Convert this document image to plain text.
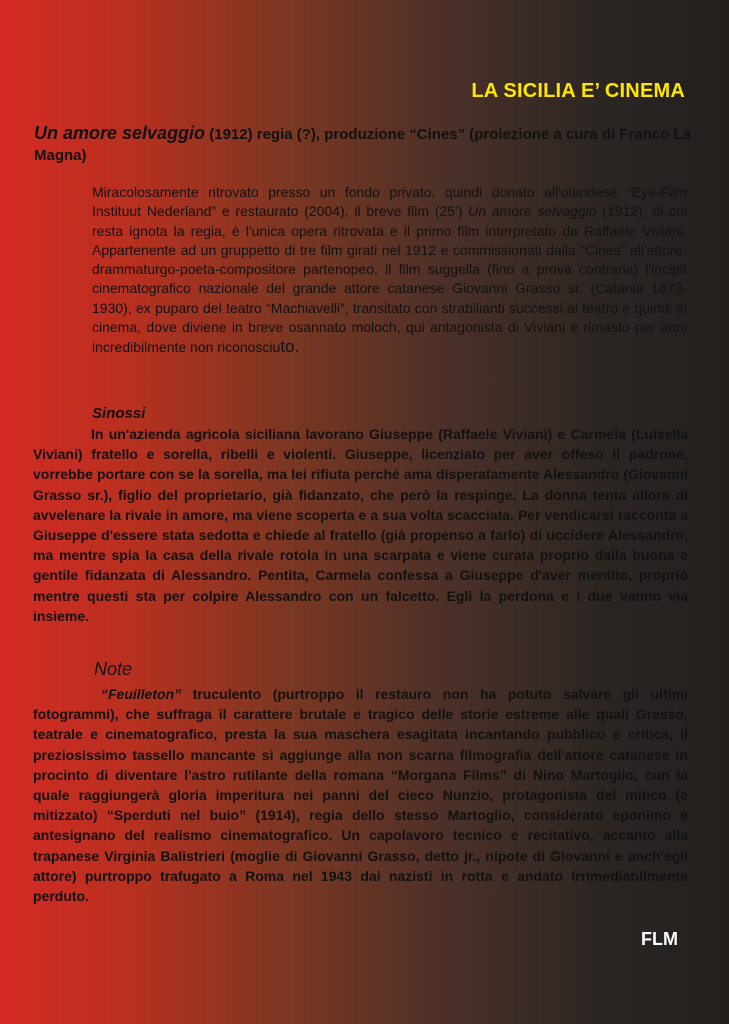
LA SICILIA E’ CINEMA
Un amore selvaggio (1912) regia (?), produzione “Cines” (proiezione a cura di Franco La Magna)
Miracolosamente ritrovato presso un fondo privato, quindi donato all'olandese “Eye-Film Instituut Nederland” e restaurato (2004), il breve film (25') Un amore selvaggio (1912), di cui resta ignota la regia, è l'unica opera ritrovata e il primo film interpretato da Raffaele Viviani. Appartenente ad un gruppetto di tre film girati nel 1912 e commissionati dalla “Cines” all'attore-drammaturgo-poeta-compositore partenopeo, il film suggella (fino a prova contraria) l'incipit cinematografico nazionale del grande attore catanese Giovanni Grasso sr. (Catania 1873-1930), ex puparo del teatro “Machiavelli”, transitato con strabilianti successi al teatro e quindi al cinema, dove diviene in breve osannato moloch, qui antagonista di Viviani e rimasto per anni incredibilmente non riconosciuto.
Sinossi
In un'azienda agricola siciliana lavorano Giuseppe (Raffaele Viviani) e Carmela (Luisella Viviani) fratello e sorella, ribelli e violenti. Giuseppe, licenziato per aver offeso il padrone, vorrebbe portare con se la sorella, ma lei rifiuta perché ama disperatamente Alessandro (Giovanni Grasso sr.), figlio del proprietario, già fidanzato, che però la respinge. La donna tenta allora di avvelenare la rivale in amore, ma viene scoperta e a sua volta scacciata. Per vendicarsi racconta a Giuseppe d'essere stata sedotta e chiede al fratello (già propenso a farlo) di uccidere Alessandro, ma mentre spia la casa della rivale rotola in una scarpata e viene curata proprio dalla buona e gentile fidanzata di Alessandro. Pentita, Carmela confessa a Giuseppe d'aver mentito, proprio mentre questi sta per colpire Alessandro con un falcetto. Egli la perdona e i due vanno via insieme.
Note
“Feuilleton” truculento (purtroppo il restauro non ha potuto salvare gli ultimi fotogrammi), che suffraga il carattere brutale e tragico delle storie estreme alle quali Grasso, teatrale e cinematografico, presta la sua maschera esagitata incantando pubblico e critica, il preziosissimo tassello mancante si aggiunge alla non scarna filmografia dell'attore catanese in procinto di diventare l'astro rutilante della romana “Morgana Films” di Nino Martoglio, con la quale raggiungerà gloria imperitura nei panni del cieco Nunzio, protagonista del mitico (e mitizzato) “Sperduti nel buio” (1914), regia dello stesso Martoglio, considerato eponimo e antesignano del realismo cinematografico. Un capolavoro tecnico e recitativo, accanto alla trapanese Virginia Balistrieri (moglie di Giovanni Grasso, detto jr., nipote di Giovanni e anch'egli attore) purtroppo trafugato a Roma nel 1943 dai nazisti in rotta e andato irrimediabilmente perduto.
FLM
